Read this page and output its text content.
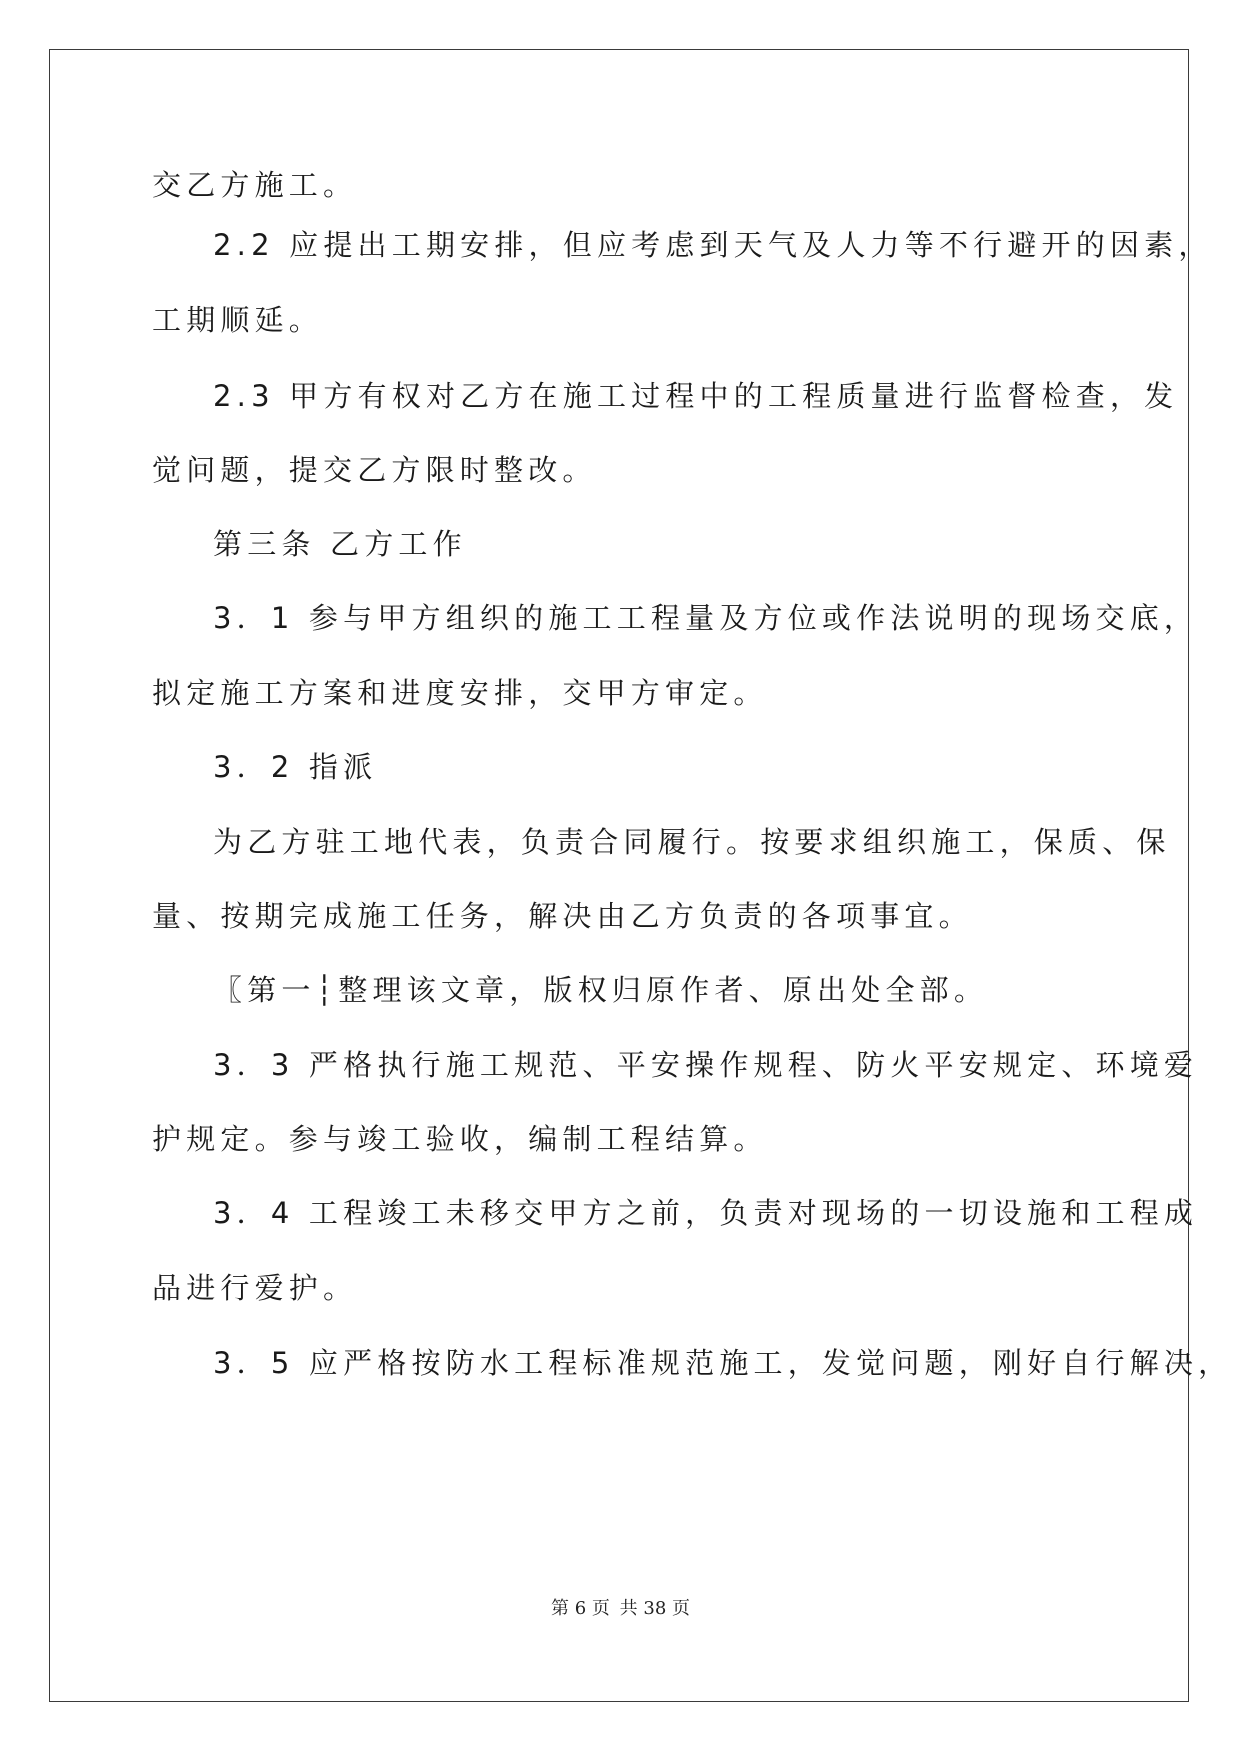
交乙方施工。
2.2 应提出工期安排，但应考虑到天气及人力等不行避开的因素，
工期顺延。
2.3 甲方有权对乙方在施工过程中的工程质量进行监督检查，发
觉问题，提交乙方限时整改。
第三条 乙方工作
3．1 参与甲方组织的施工工程量及方位或作法说明的现场交底，
拟定施工方案和进度安排，交甲方审定。
3．2 指派
为乙方驻工地代表，负责合同履行。按要求组织施工，保质、保
量、按期完成施工任务，解决由乙方负责的各项事宜。
〖第一┆整理该文章，版权归原作者、原出处全部。
3．3 严格执行施工规范、平安操作规程、防火平安规定、环境爱
护规定。参与竣工验收，编制工程结算。
3．4 工程竣工未移交甲方之前，负责对现场的一切设施和工程成
品进行爱护。
3．5 应严格按防水工程标准规范施工，发觉问题，刚好自行解决，
第 6 页 共 38 页
